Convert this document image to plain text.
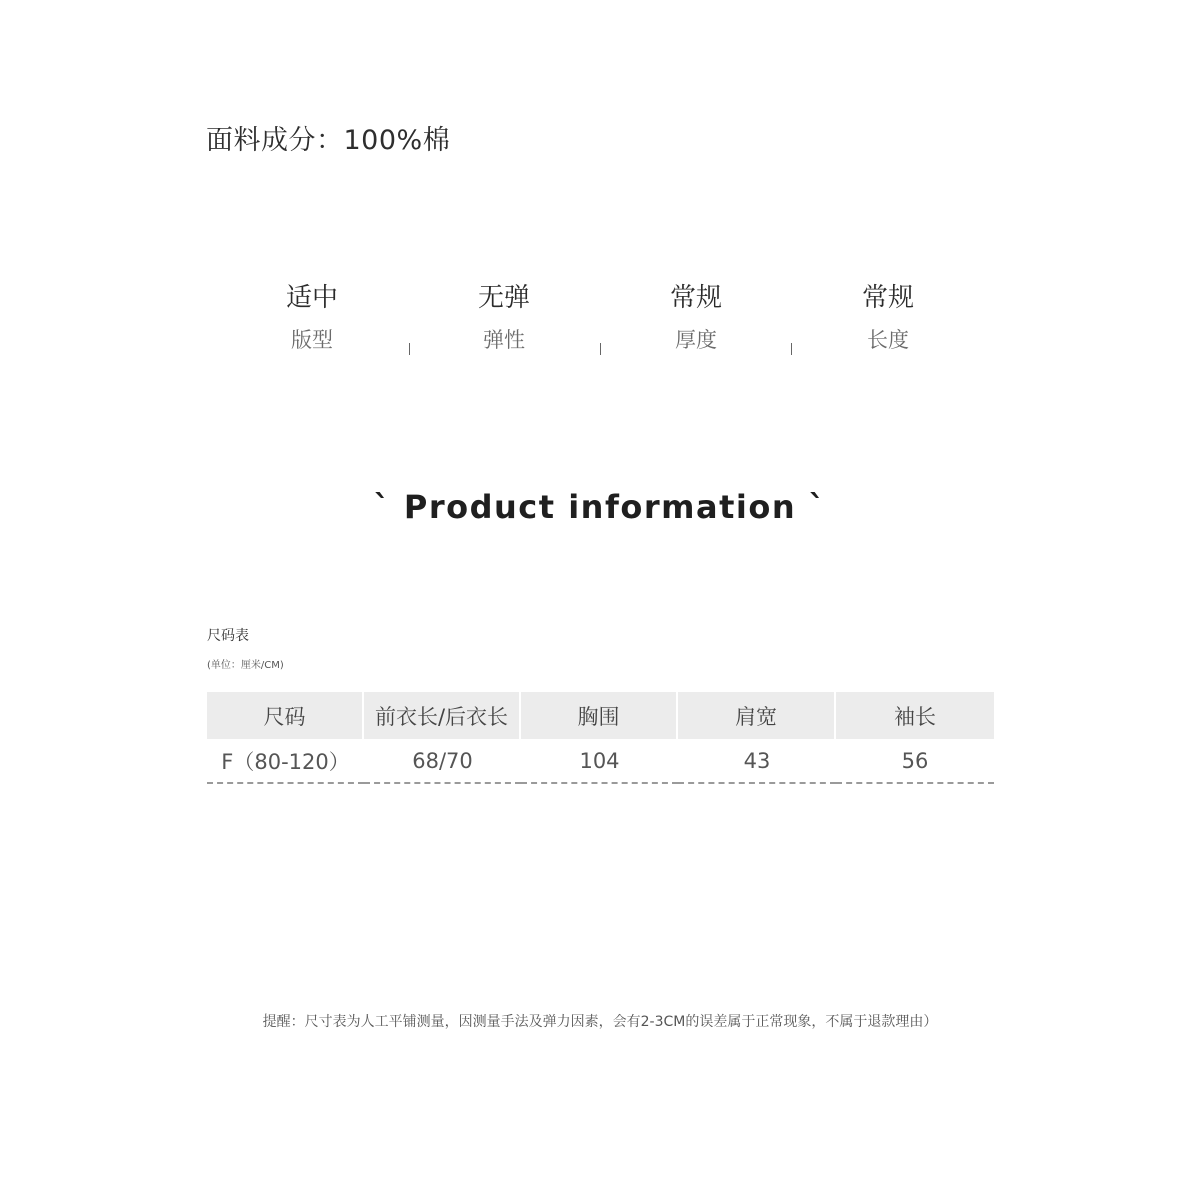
面料成分：100%棉
适中
版型
无弹
弹性
常规
厚度
常规
长度
` Product information `
尺码表
(单位：厘米/CM)
尺码	前衣长/后衣长	胸围	肩宽	袖长
F（80-120）	68/70	104	43	56
提醒：尺寸表为人工平铺测量，因测量手法及弹力因素，会有2-3CM的误差属于正常现象，不属于退款理由）
